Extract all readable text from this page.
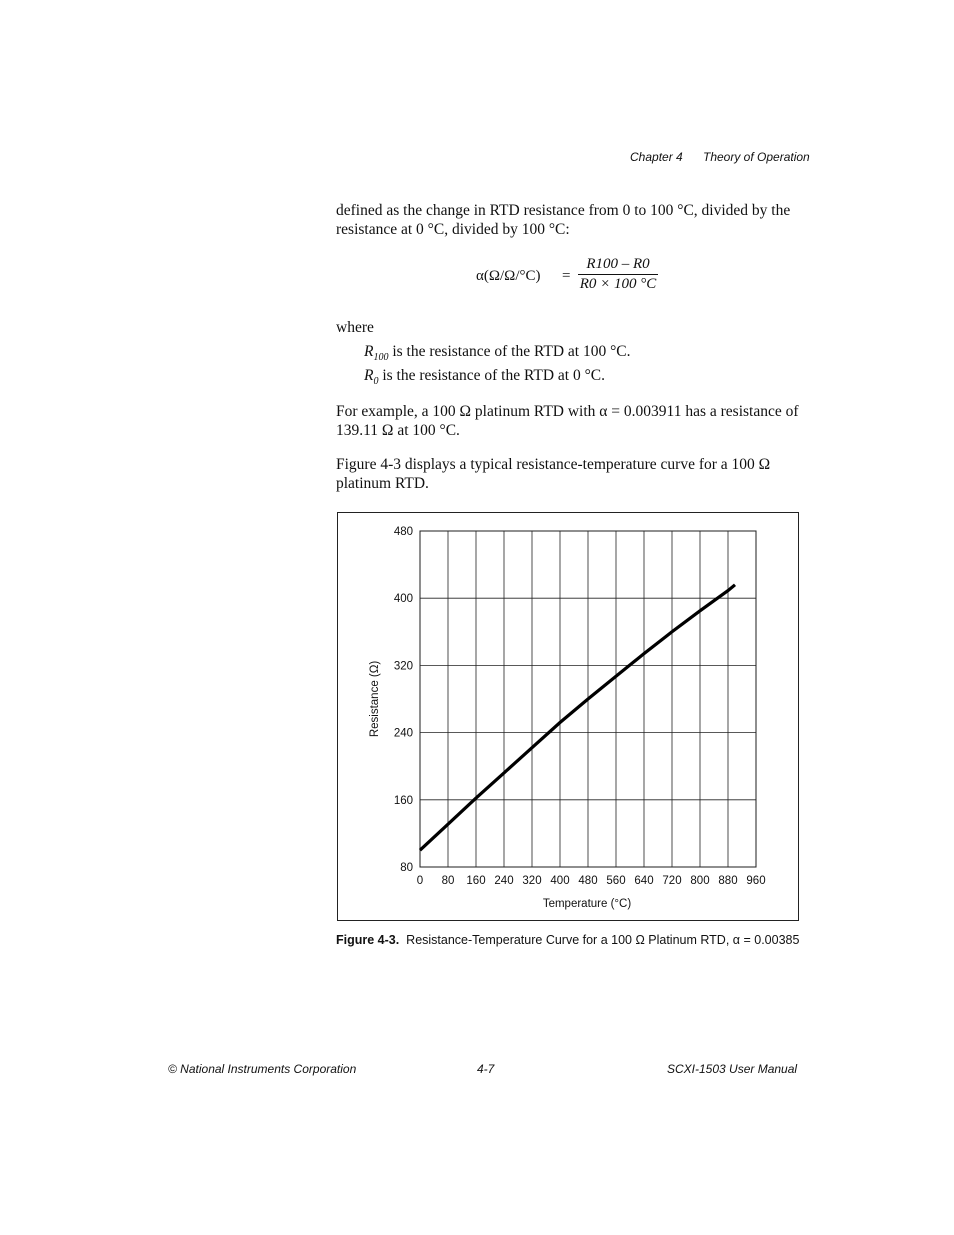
Chapter 4 Theory of Operation
defined as the change in RTD resistance from 0 to 100 °C, divided by the resistance at 0 °C, divided by 100 °C:
$\alpha(\Omega/\Omega/^\circ C) = \frac{R100 - R0}{R0 \times 100 ^\circ C}$
where
$R_{100}$ is the resistance of the RTD at 100 °C.
$R_0$ is the resistance of the RTD at 0 °C.
For example, a 100 Ω platinum RTD with α = 0.003911 has a resistance of 139.11 Ω at 100 °C.
Figure 4-3 displays a typical resistance-temperature curve for a 100 Ω platinum RTD.
0 80 160 240 320 400 480 560 640 720 800 880 960
80
160
240
320
400
480
Temperature (°C)
Resistance (Ω)
Figure 4-3. Resistance-Temperature Curve for a 100 Ω Platinum RTD, α = 0.00385
© National Instruments Corporation	4-7	SCXI-1503 User Manual
